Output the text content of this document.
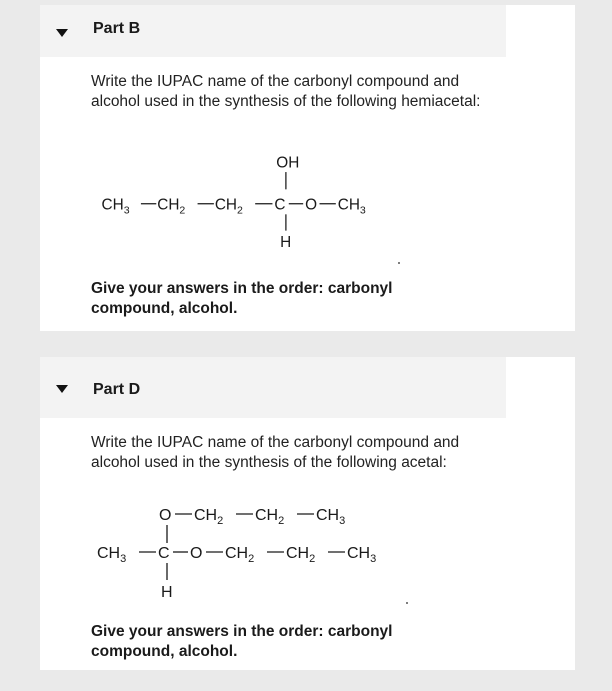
Part B

Write the IUPAC name of the carbonyl compound and alcohol used in the synthesis of the following hemiacetal:

OH
$CH_3$ $CH_2$ $CH_2$ C O $CH_3$
H

Give your answers in the order: carbonyl compound, alcohol.

Part D

Write the IUPAC name of the carbonyl compound and alcohol used in the synthesis of the following acetal:

O $CH_2$ $CH_2$ $CH_3$
$CH_3$ C O $CH_2$ $CH_2$ $CH_3$
H

Give your answers in the order: carbonyl compound, alcohol.
